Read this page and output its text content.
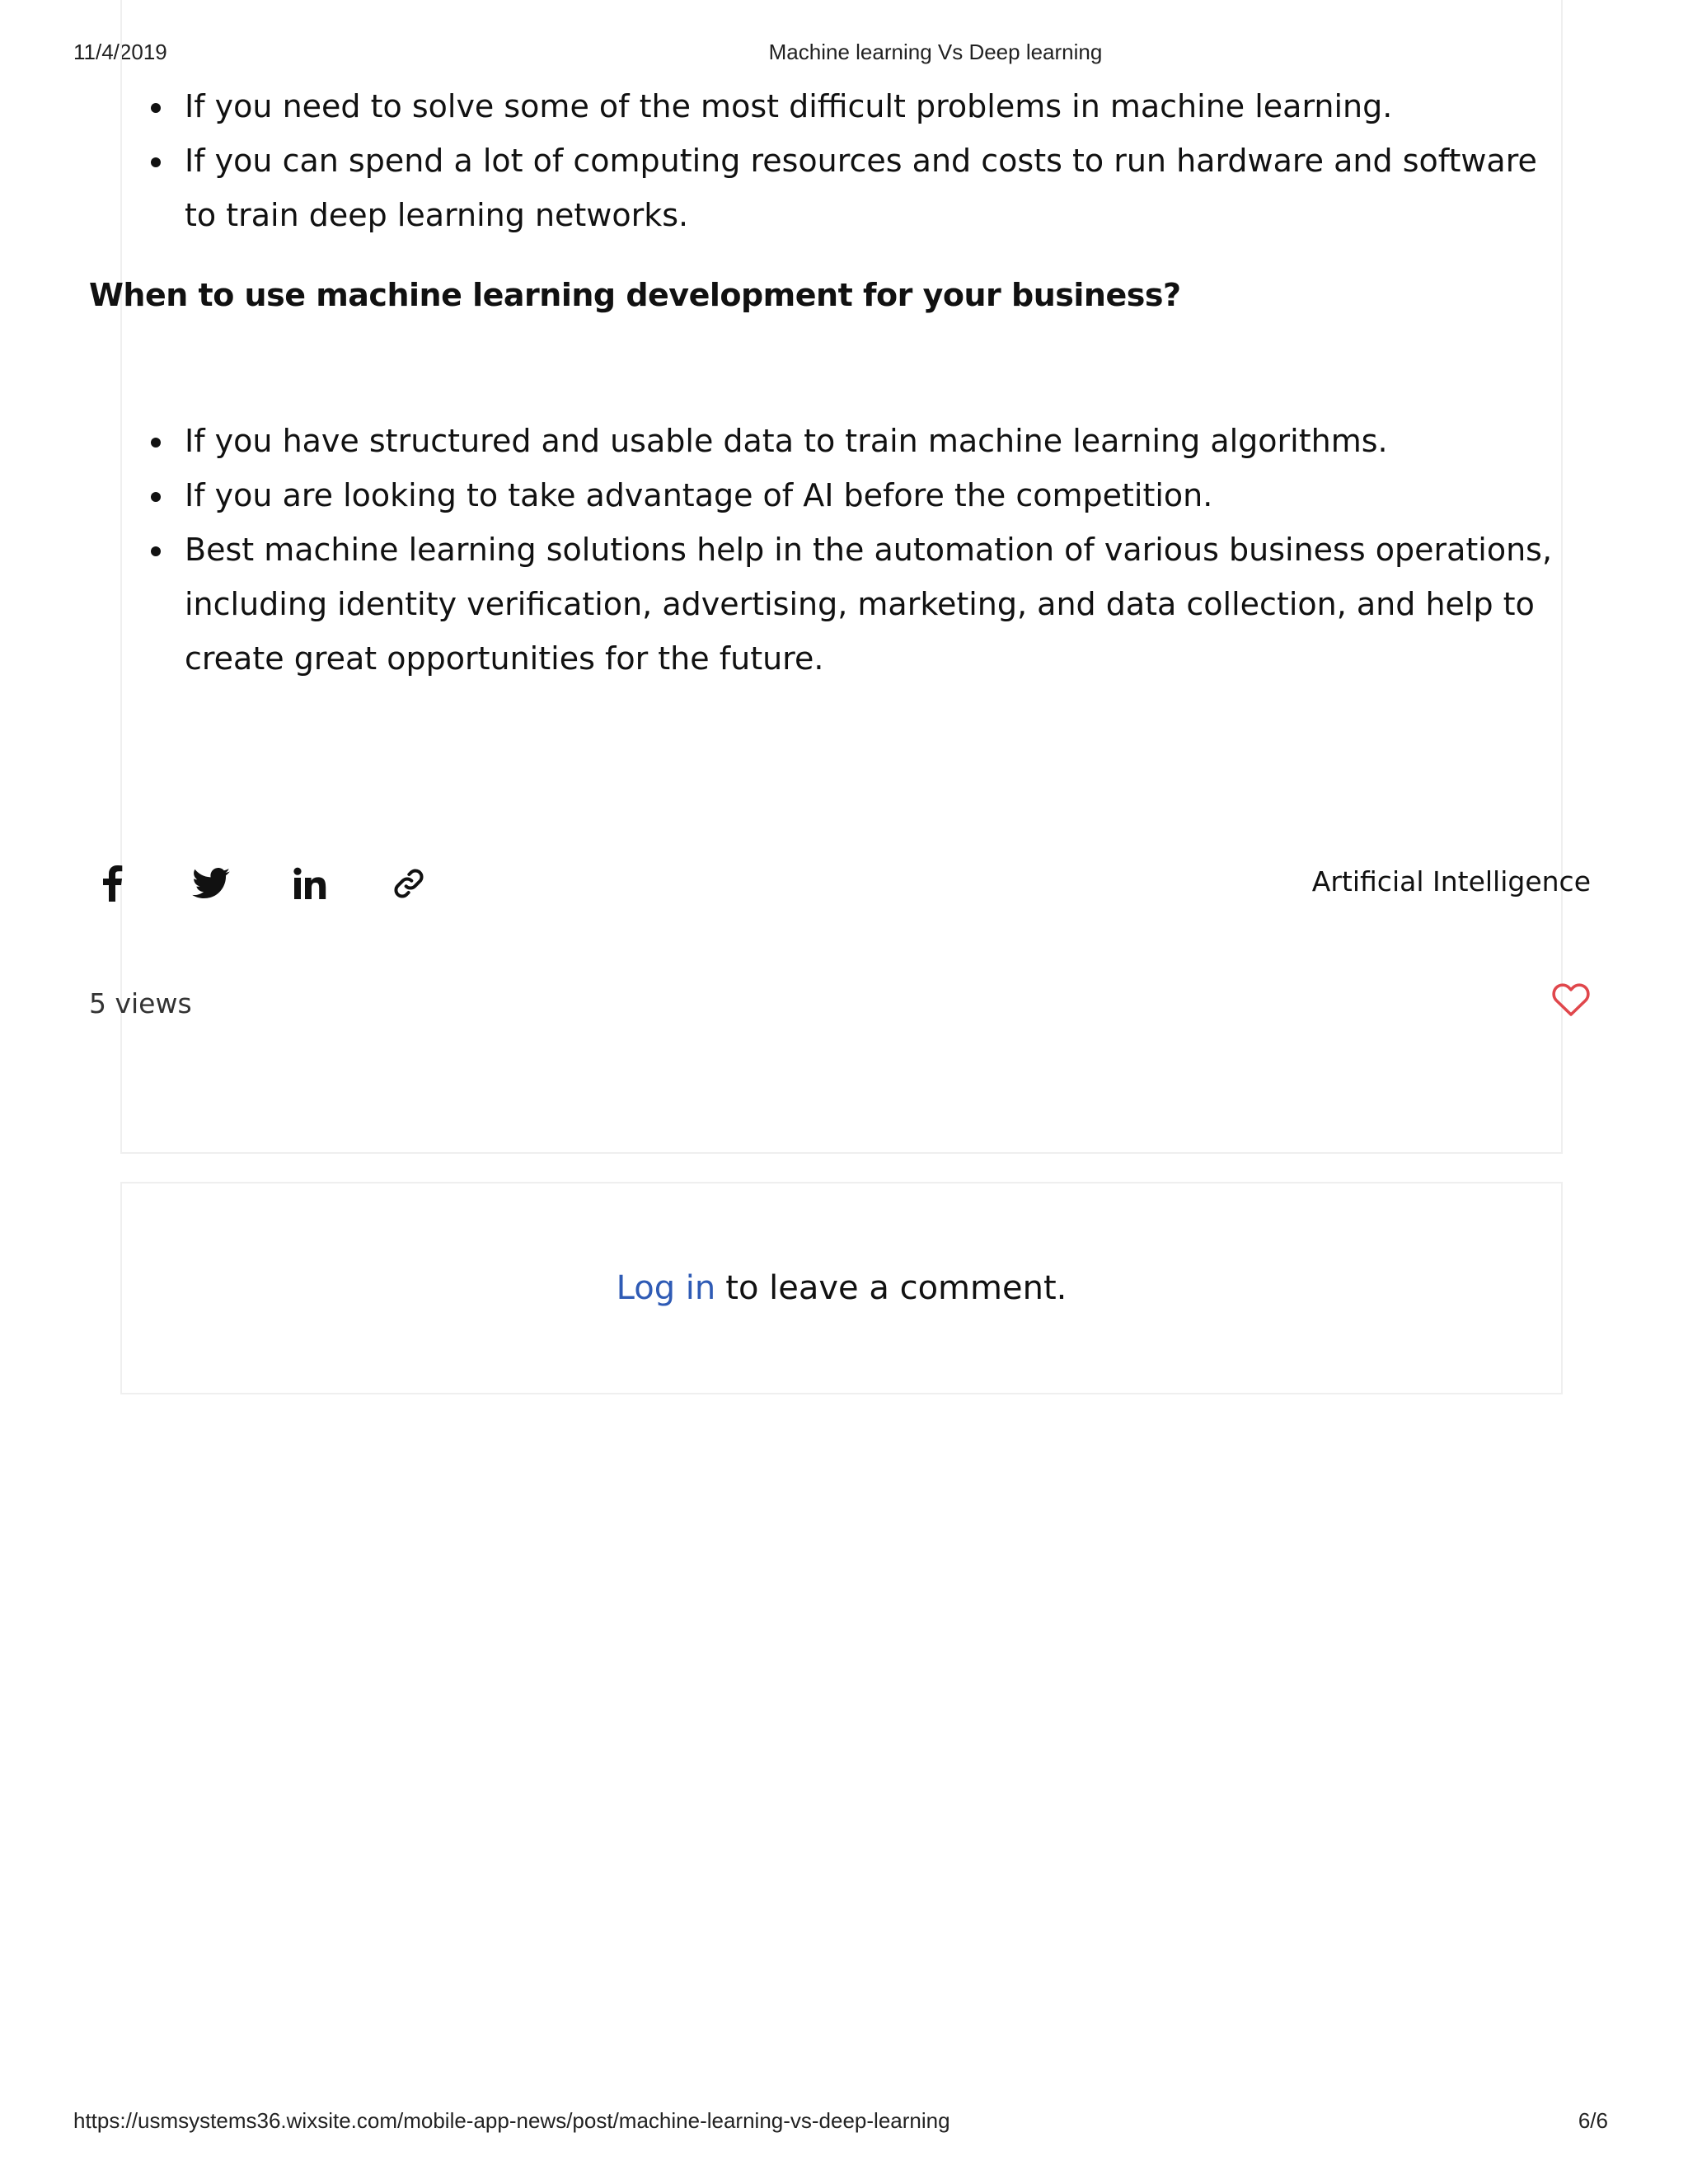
11/4/2019	Machine learning Vs Deep learning
If you need to solve some of the most difficult problems in machine learning.
If you can spend a lot of computing resources and costs to run hardware and software
to train deep learning networks.
When to use machine learning development for your business?
If you have structured and usable data to train machine learning algorithms.
If you are looking to take advantage of AI before the competition.
Best machine learning solutions help in the automation of various business operations,
including identity verification, advertising, marketing, and data collection, and help to
create great opportunities for the future.
Artificial Intelligence
5 views
Log in to leave a comment.
https://usmsystems36.wixsite.com/mobile-app-news/post/machine-learning-vs-deep-learning	6/6
